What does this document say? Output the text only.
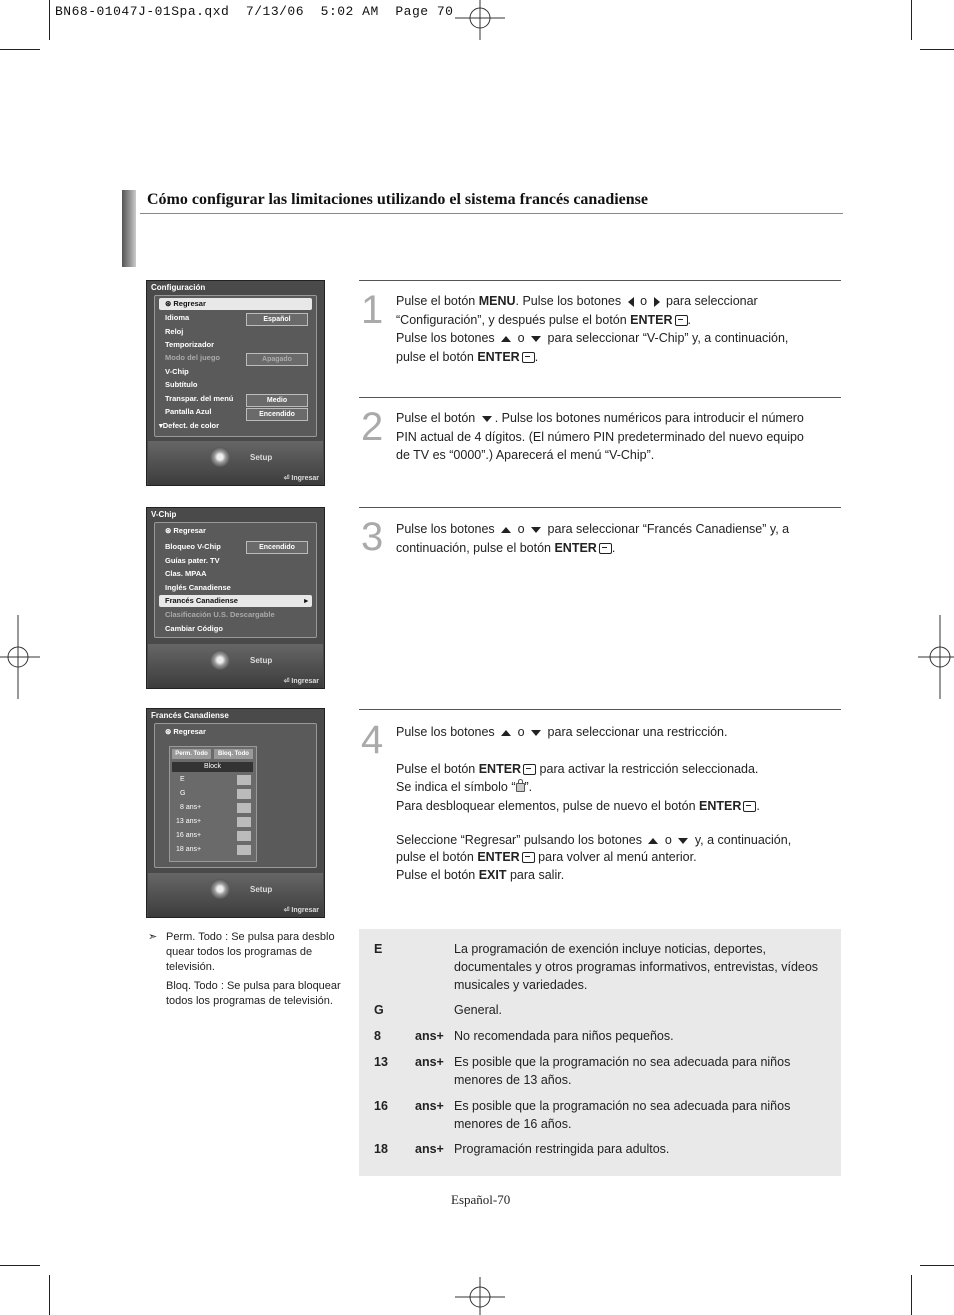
BN68-01047J-01Spa.qxd  7/13/06  5:02 AM  Page 70
Cómo configurar las limitaciones utilizando el sistema francés canadiense
Configuración
⊛ Regresar
Idioma	Español
Reloj
Temporizador
Modo del juego	Apagado
V-Chip
Subtítulo
Transpar. del menú	Medio
Pantalla Azul	Encendido
▾Defect. de color
Setup
⏎ Ingresar
V-Chip
⊛ Regresar
Bloqueo V-Chip	Encendido
Guías pater. TV
Clas. MPAA
Inglés Canadiense
Francés Canadiense	▸
Clasificación U.S. Descargable
Cambiar Código
Setup
⏎ Ingresar
Francés Canadiense
⊛ Regresar
Perm. Todo	Bloq. Todo
Block
E
G
8 ans+
13 ans+
16 ans+
18 ans+
Setup
⏎ Ingresar
1 Pulse el botón MENU. Pulse los botones  o  para seleccionar
“Configuración”, y después pulse el botón ENTER .
Pulse los botones  o  para seleccionar “V-Chip” y, a continuación,
pulse el botón ENTER .
2 Pulse el botón . Pulse los botones numéricos para introducir el número
PIN actual de 4 dígitos. (El número PIN predeterminado del nuevo equipo
de TV es “0000”.) Aparecerá el menú “V-Chip”.
3 Pulse los botones  o  para seleccionar “Francés Canadiense” y, a
continuación, pulse el botón ENTER .
4 Pulse los botones  o  para seleccionar una restricción.
Pulse el botón ENTER para activar la restricción seleccionada.
Se indica el símbolo “ ”.
Para desbloquear elementos, pulse de nuevo el botón ENTER .
Seleccione “Regresar” pulsando los botones  o  y, a continuación,
pulse el botón ENTER para volver al menú anterior.
Pulse el botón EXIT para salir.
➣ Perm. Todo : Se pulsa para desblo quear todos los programas de televisión.
Bloq. Todo : Se pulsa para bloquear todos los programas de televisión.
E	La programación de exención incluye noticias, deportes, documentales y otros programas informativos, entrevistas, vídeos musicales y variedades.
G	General.
8	ans+ No recomendada para niños pequeños.
13 ans+ Es posible que la programación no sea adecuada para niños menores de 13 años.
16 ans+ Es posible que la programación no sea adecuada para niños menores de 16 años.
18 ans+ Programación restringida para adultos.
Español-70
